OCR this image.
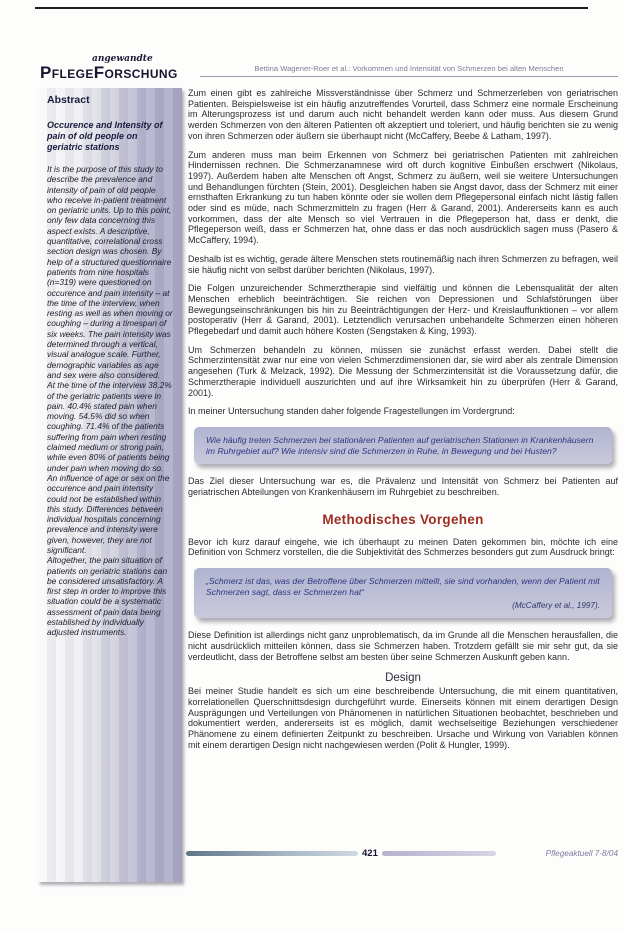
angewandte
PflegeForschung	Bettina Wagener-Roer et al.: Vorkommen und Intensität von Schmerzen bei alten Menschen
Abstract
Occurence and Intensity of pain of old people on geriatric stations

It is the purpose of this study to describe the prevalence and intensity of pain of old people who receive in-patient treatment on geriatric units. Up to this point, only few data concerning this aspect exists. A descriptive, quantitative, correlational cross section design was chosen. By help of a structured questionnaire patients from nine hospitals (n=319) were questioned on occurence and pain intensity – at the time of the interview, when resting as well as when moving or coughing – during a timespan of six weeks. The pain intensity was determined through a vertical, visual analogue scale. Further, demographic variables as age and sex were also considered.

At the time of the interview 38.2% of the geriatric patients were in pain. 40.4% stated pain when moving. 54.5% did so when coughing. 71.4% of the patients suffering from pain when resting claimed medium or strong pain, while even 80% of patients being under pain when moving do so.

An influence of age or sex on the occurence and pain intensity could not be established within this study. Differences between individual hospitals concerning prevalence and intensity were given, however, they are not significant.

Altogether, the pain situation of patients on geriatric stations can be considered unsatisfactory. A first step in order to improve this situation could be a systematic assessment of pain data being established by individually adjusted instruments.

Zum einen gibt es zahlreiche Missverständnisse über Schmerz und Schmerzerleben von geriatrischen Patienten. Beispielsweise ist ein häufig anzutreffendes Vorurteil, dass Schmerz eine normale Erscheinung im Alterungsprozess ist und darum auch nicht behandelt werden kann oder muss. Aus diesem Grund werden Schmerzen von den älteren Patienten oft akzeptiert und toleriert, und häufig berichten sie zu wenig von ihren Schmerzen oder äußern sie überhaupt nicht (McCaffery, Beebe & Latham, 1997).

Zum anderen muss man beim Erkennen von Schmerz bei geriatrischen Patienten mit zahlreichen Hindernissen rechnen. Die Schmerzanamnese wird oft durch kognitive Einbußen erschwert (Nikolaus, 1997). Außerdem haben alte Menschen oft Angst, Schmerz zu äußern, weil sie weitere Untersuchungen und Behandlungen fürchten (Stein, 2001). Desgleichen haben sie Angst davor, dass der Schmerz mit einer ernsthaften Erkrankung zu tun haben könnte oder sie wollen dem Pflegepersonal einfach nicht lästig fallen oder sind es müde, nach Schmerzmitteln zu fragen (Herr & Garand, 2001). Andererseits kann es auch vorkommen, dass der alte Mensch so viel Vertrauen in die Pflegeperson hat, dass er denkt, die Pflegeperson weiß, dass er Schmerzen hat, ohne dass er das noch ausdrücklich sagen muss (Pasero & McCaffery, 1994).

Deshalb ist es wichtig, gerade ältere Menschen stets routinemäßig nach ihren Schmerzen zu befragen, weil sie häufig nicht von selbst darüber berichten (Nikolaus, 1997).

Die Folgen unzureichender Schmerztherapie sind vielfältig und können die Lebensqualität der alten Menschen erheblich beeinträchtigen. Sie reichen von Depressionen und Schlafstörungen über Bewegungseinschränkungen bis hin zu Beeinträchtigungen der Herz- und Kreislauffunktionen – vor allem postoperativ (Herr & Garand, 2001). Letztendlich verursachen unbehandelte Schmerzen einen höheren Pflegebedarf und damit auch höhere Kosten (Sengstaken & King, 1993).

Um Schmerzen behandeln zu können, müssen sie zunächst erfasst werden. Dabei stellt die Schmerzintensität zwar nur eine von vielen Schmerzdimensionen dar, sie wird aber als zentrale Dimension angesehen (Turk & Melzack, 1992). Die Messung der Schmerzintensität ist die Voraussetzung dafür, die Schmerztherapie individuell auszurichten und auf ihre Wirksamkeit hin zu überprüfen (Herr & Garand, 2001).

In meiner Untersuchung standen daher folgende Fragestellungen im Vordergrund:

Wie häufig treten Schmerzen bei stationären Patienten auf geriatrischen Stationen in Krankenhäusern im Ruhrgebiet auf? Wie intensiv sind die Schmerzen in Ruhe, in Bewegung und bei Husten?

Das Ziel dieser Untersuchung war es, die Prävalenz und Intensität von Schmerz bei Patienten auf geriatrischen Abteilungen von Krankenhäusern im Ruhrgebiet zu beschreiben.

Methodisches Vorgehen

Bevor ich kurz darauf eingehe, wie ich überhaupt zu meinen Daten gekommen bin, möchte ich eine Definition von Schmerz vorstellen, die die Subjektivität des Schmerzes besonders gut zum Ausdruck bringt:

„Schmerz ist das, was der Betroffene über Schmerzen mitteilt, sie sind vorhanden, wenn der Patient mit Schmerzen sagt, dass er Schmerzen hat“
(McCaffery et al., 1997).

Diese Definition ist allerdings nicht ganz unproblematisch, da im Grunde all die Menschen herausfallen, die nicht ausdrücklich mitteilen können, dass sie Schmerzen haben. Trotzdem gefällt sie mir sehr gut, da sie verdeutlicht, dass der Betroffene selbst am besten über seine Schmerzen Auskunft geben kann.

Design

Bei meiner Studie handelt es sich um eine beschreibende Untersuchung, die mit einem quantitativen, korrelationellen Querschnittsdesign durchgeführt wurde. Einerseits können mit einem derartigen Design Ausprägungen und Verteilungen von Phänomenen in natürlichen Situationen beobachtet, beschrieben und dokumentiert werden, andererseits ist es möglich, damit wechselseitige Beziehungen verschiedener Phänomene zu einem definierten Zeitpunkt zu beschreiben. Ursache und Wirkung von Variablen können mit einem derartigen Design nicht nachgewiesen werden (Polit & Hungler, 1999).

421	Pflegeaktuell 7-8/04
